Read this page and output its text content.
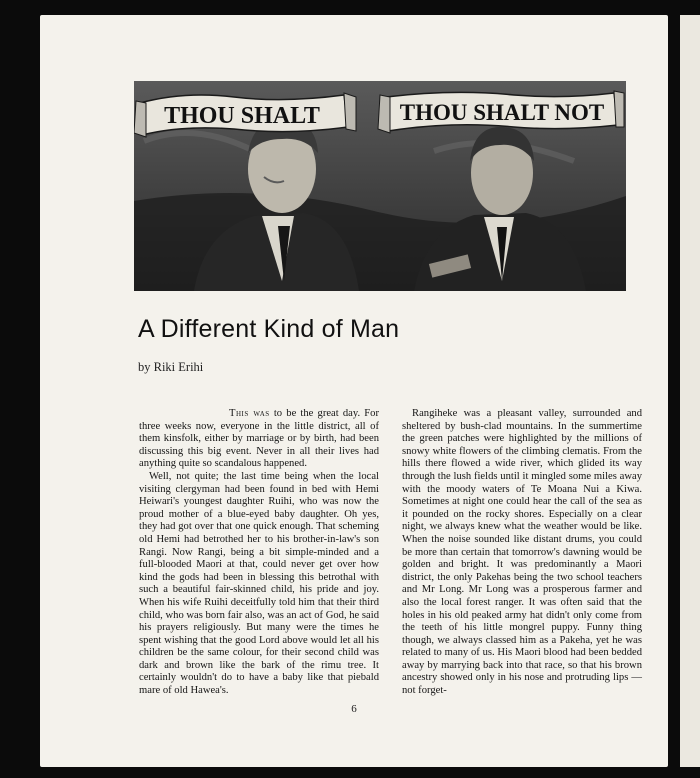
THOU SHALT	THOU SHALT NOT
A Different Kind of Man

by Riki Erihi

This was to be the great day. For three weeks now, everyone in the little district, all of them kinsfolk, either by marriage or by birth, had been discussing this big event. Never in all their lives had anything quite so scandalous happened.

Well, not quite; the last time being when the local visiting clergyman had been found in bed with Hemi Heiwari's youngest daughter Ruihi, who was now the proud mother of a blue-eyed baby daughter. Oh yes, they had got over that one quick enough. That scheming old Hemi had betrothed her to his brother-in-law's son Rangi. Now Rangi, being a bit simple-minded and a full-blooded Maori at that, could never get over how kind the gods had been in blessing this betrothal with such a beautiful fair-skinned child, his pride and joy. When his wife Ruihi deceitfully told him that their third child, who was born fair also, was an act of God, he said his prayers religiously. But many were the times he spent wishing that the good Lord above would let all his children be the same colour, for their second child was dark and brown like the bark of the rimu tree. It certainly wouldn't do to have a baby like that piebald mare of old Hawea's.

Rangiheke was a pleasant valley, surrounded and sheltered by bush-clad mountains. In the summertime the green patches were highlighted by the millions of snowy white flowers of the climbing clematis. From the hills there flowed a wide river, which glided its way through the lush fields until it mingled some miles away with the moody waters of Te Moana Nui a Kiwa. Sometimes at night one could hear the call of the sea as it pounded on the rocky shores. Especially on a clear night, we always knew what the weather would be like. When the noise sounded like distant drums, you could be more than certain that tomorrow's dawning would be golden and bright. It was predominantly a Maori district, the only Pakehas being the two school teachers and Mr Long. Mr Long was a prosperous farmer and also the local forest ranger. It was often said that the holes in his old peaked army hat didn't only come from the teeth of his little mongrel puppy. Funny thing though, we always classed him as a Pakeha, yet he was related to many of us. His Maori blood had been bedded away by marrying back into that race, so that his brown ancestry showed only in his nose and protruding lips — not forget-

6
